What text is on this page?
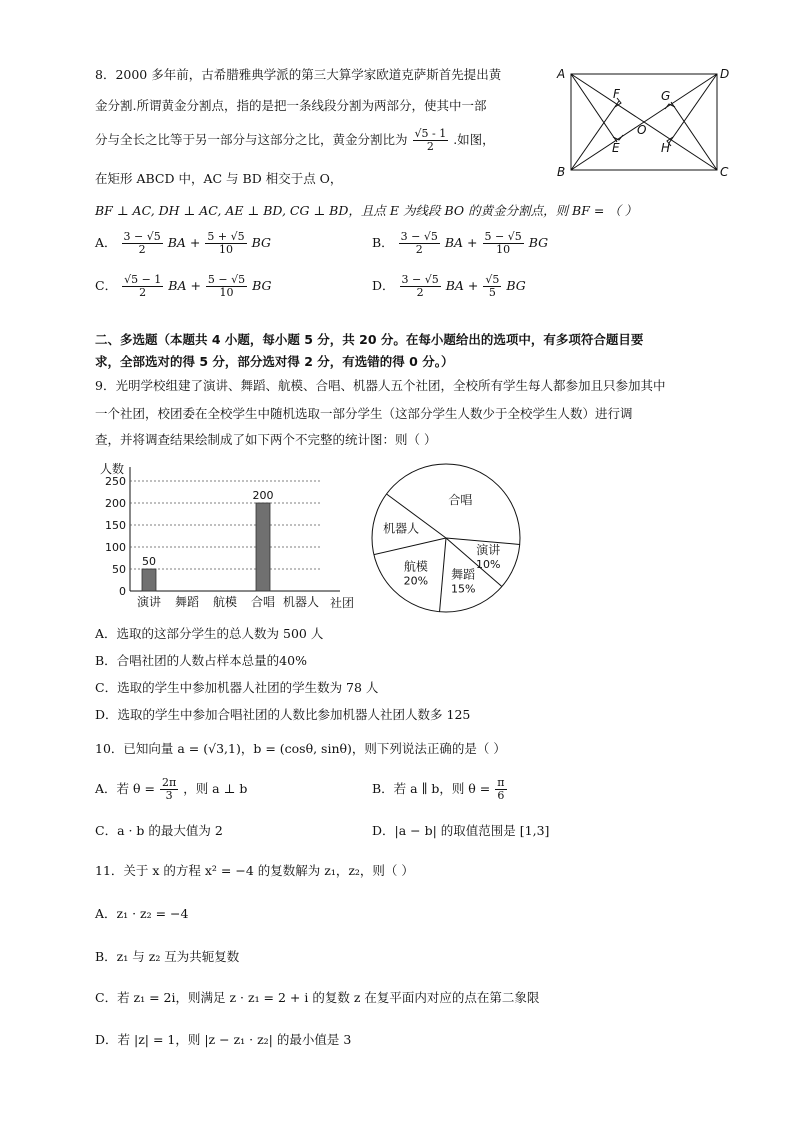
8．2000 多年前，古希腊雅典学派的第三大算学家欧道克萨斯首先提出黄
金分割.所谓黄金分割点，指的是把一条线段分割为两部分，使其中一部
分与全长之比等于另一部分与这部分之比，黄金分割比为 $\frac{√5 - 1}{2}$ .如图，
在矩形 ABCD 中，AC 与 BD 相交于点 O，
BF ⊥ AC, DH ⊥ AC, AE ⊥ BD, CG ⊥ BD，且点 E 为线段 BO 的黄金分割点，则 BF = （ ）
A	D
B	C
F	G
E	H
O
A． $\frac{3 - √5}{2}$ BA + $\frac{5 + √5}{10}$ BG	B． $\frac{3 - √5}{2}$ BA + $\frac{5 - √5}{10}$ BG
C． $\frac{√5 - 1}{2}$ BA + $\frac{5 - √5}{10}$ BG	D． $\frac{3 - √5}{2}$ BA + $\frac{√5}{5}$ BG
二、多选题（本题共 4 小题，每小题 5 分，共 20 分。在每小题给出的选项中，有多项符合题目要
求，全部选对的得 5 分，部分选对得 2 分，有选错的得 0 分。）
9．光明学校组建了演讲、舞蹈、航模、合唱、机器人五个社团，全校所有学生每人都参加且只参加其中
一个社团，校团委在全校学生中随机选取一部分学生（这部分学生人数少于全校学生人数）进行调
查，并将调查结果绘制成了如下两个不完整的统计图：则（ ）
0
50
100
150
200
250
人数
社团
演讲
50
舞蹈 航模 合唱
200
机器人
合唱
演讲
10%
舞蹈
15%
航模
20%
机器人
A．选取的这部分学生的总人数为 500 人
B．合唱社团的人数占样本总量的40%
C．选取的学生中参加机器人社团的学生数为 78 人
D．选取的学生中参加合唱社团的人数比参加机器人社团人数多 125
10．已知向量 a = (√3,1)，b = (cosθ, sinθ)，则下列说法正确的是（ ）
A．若 $\theta = \frac{2\pi}{3}$ ，则 a ⊥ b	B．若 a ∥ b，则 $\theta = \frac{\pi}{6}$
C．a · b 的最大值为 2	D．|a − b| 的取值范围是 [1,3]
11．关于 x 的方程 x² = −4 的复数解为 z₁，z₂，则（ ）
A．z₁ · z₂ = −4
B．z₁ 与 z₂ 互为共轭复数
C．若 z₁ = 2i，则满足 z · z₁ = 2 + i 的复数 z 在复平面内对应的点在第二象限
D．若 |z| = 1，则 |z − z₁ · z₂| 的最小值是 3
